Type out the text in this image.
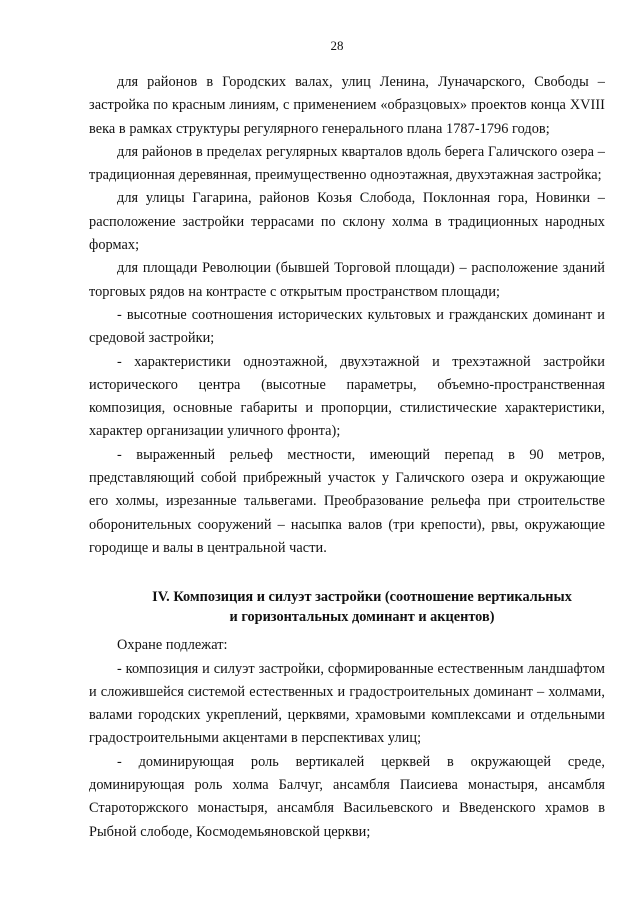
28

для районов в Городских валах, улиц Ленина, Луначарского, Свободы – застройка по красным линиям, с применением «образцовых» проектов конца XVIII века в рамках структуры регулярного генерального плана 1787-1796 годов;

для районов в пределах регулярных кварталов вдоль берега Галичского озера – традиционная деревянная, преимущественно одноэтажная, двухэтажная застройка;

для улицы Гагарина, районов Козья Слобода, Поклонная гора, Новинки – расположение застройки террасами по склону холма в традиционных народных формах;

для площади Революции (бывшей Торговой площади) – расположение зданий торговых рядов на контрасте с открытым пространством площади;

- высотные соотношения исторических культовых и гражданских доминант и средовой застройки;

- характеристики одноэтажной, двухэтажной и трехэтажной застройки исторического центра (высотные параметры, объемно-пространственная композиция, основные габариты и пропорции, стилистические характеристики, характер организации уличного фронта);

- выраженный рельеф местности, имеющий перепад в 90 метров, представляющий собой прибрежный участок у Галичского озера и окружающие его холмы, изрезанные тальвегами. Преобразование рельефа при строительстве оборонительных сооружений – насыпка валов (три крепости), рвы, окружающие городище и валы в центральной части.

IV. Композиция и силуэт застройки (соотношение вертикальных
и горизонтальных доминант и акцентов)

Охране подлежат:

- композиция и силуэт застройки, сформированные естественным ландшафтом и сложившейся системой естественных и градостроительных доминант – холмами, валами городских укреплений, церквями, храмовыми комплексами и отдельными градостроительными акцентами в перспективах улиц;

- доминирующая роль вертикалей церквей в окружающей среде, доминирующая роль холма Балчуг, ансамбля Паисиева монастыря, ансамбля Староторжского монастыря, ансамбля Васильевского и Введенского храмов в Рыбной слободе, Космодемьяновской церкви;
